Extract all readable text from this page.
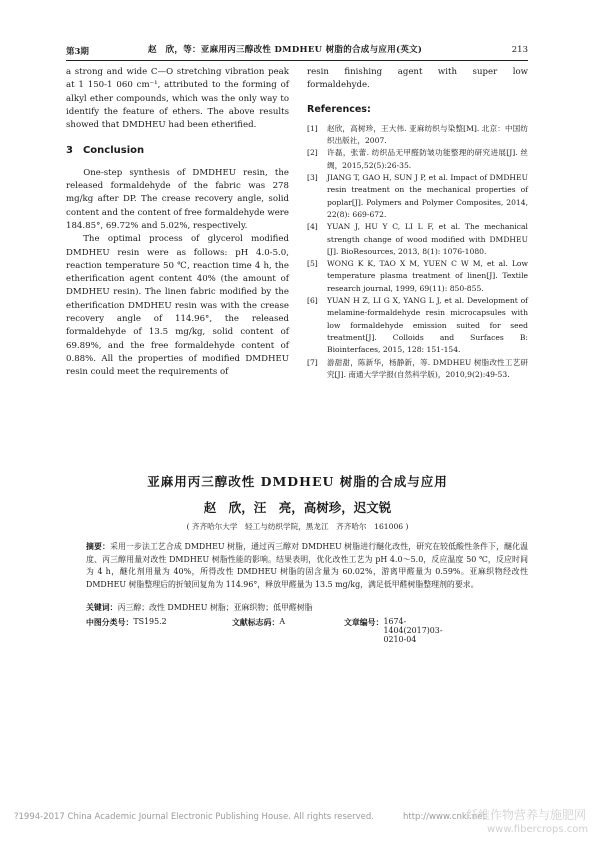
第3期	赵　欣，等：亚麻用丙三醇改性 DMDHEU 树脂的合成与应用(英文)	213

a strong and wide C—O stretching vibration peak at 1 150-1 060 cm⁻¹, attributed to the forming of alkyl ether compounds, which was the only way to identify the feature of ethers. The above results showed that DMDHEU had been etherified.

3　Conclusion

One-step synthesis of DMDHEU resin, the released formaldehyde of the fabric was 278 mg/kg after DP. The crease recovery angle, solid content and the content of free formaldehyde were 184.85°, 69.72% and 5.02%, respectively.

The optimal process of glycerol modified DMDHEU resin were as follows: pH 4.0-5.0, reaction temperature 50 ℃, reaction time 4 h, the etherification agent content 40% (the amount of DMDHEU resin). The linen fabric modified by the etherification DMDHEU resin was with the crease recovery angle of 114.96°, the released formaldehyde of 13.5 mg/kg, solid content of 69.89%, and the free formaldehyde content of 0.88%. All the properties of modified DMDHEU resin could meet the requirements of

resin finishing agent with super low formaldehyde.

References:
[1]	赵欣，高树珍，王大伟. 亚麻纺织与染整[M]. 北京：中国纺织出版社，2007.
[2]	许磊，张蕾. 纺织品无甲醛防皱功能整理的研究进展[J]. 丝绸，2015,52(5):26-35.
[3]	JIANG T, GAO H, SUN J P, et al. Impact of DMDHEU resin treatment on the mechanical properties of poplar[J]. Polymers and Polymer Composites, 2014, 22(8): 669-672.
[4]	YUAN J, HU Y C, LI L F, et al. The mechanical strength change of wood modified with DMDHEU [J]. BioResources, 2013, 8(1): 1076-1080.
[5]	WONG K K, TAO X M, YUEN C W M, et al. Low temperature plasma treatment of linen[J]. Textile research journal, 1999, 69(11): 850-855.
[6]	YUAN H Z, LI G X, YANG L J, et al. Development of melamine-formaldehyde resin microcapsules with low formaldehyde emission suited for seed treatment[J]. Colloids and Surfaces B: Biointerfaces, 2015, 128: 151-154.
[7]	游甜甜，陈新华，杨静新，等. DMDHEU 树脂改性工艺研究[J]. 南通大学学报(自然科学版)，2010,9(2):49-53.
亚麻用丙三醇改性 DMDHEU 树脂的合成与应用
赵　欣，汪　亮，高树珍，迟文锐
( 齐齐哈尔大学　轻工与纺织学院，黑龙江　齐齐哈尔　161006 )
摘要：采用一步法工艺合成 DMDHEU 树脂，通过丙三醇对 DMDHEU 树脂进行醚化改性，研究在较低酸性条件下，醚化温度、丙三醇用量对改性 DMDHEU 树脂性能的影响。结果表明，优化改性工艺为 pH 4.0～5.0，反应温度 50 ℃，反应时间为 4 h，醚化剂用量为 40%，所得改性 DMDHEU 树脂的固含量为 60.02%，游离甲醛量为 0.59%。亚麻织物经改性 DMDHEU 树脂整理后的折皱回复角为 114.96°，释放甲醛量为 13.5 mg/kg，满足低甲醛树脂整理剂的要求。
关键词：丙三醇；改性 DMDHEU 树脂；亚麻织物；低甲醛树脂
中图分类号： TS195.2	文献标志码： A	文章编号： 1674-1404(2017)03-0210-04
?1994-2017 China Academic Journal Electronic Publishing House. All rights reserved.	http://www.cnki.net
纤维作物营养与施肥网
www.fibercrops.com
